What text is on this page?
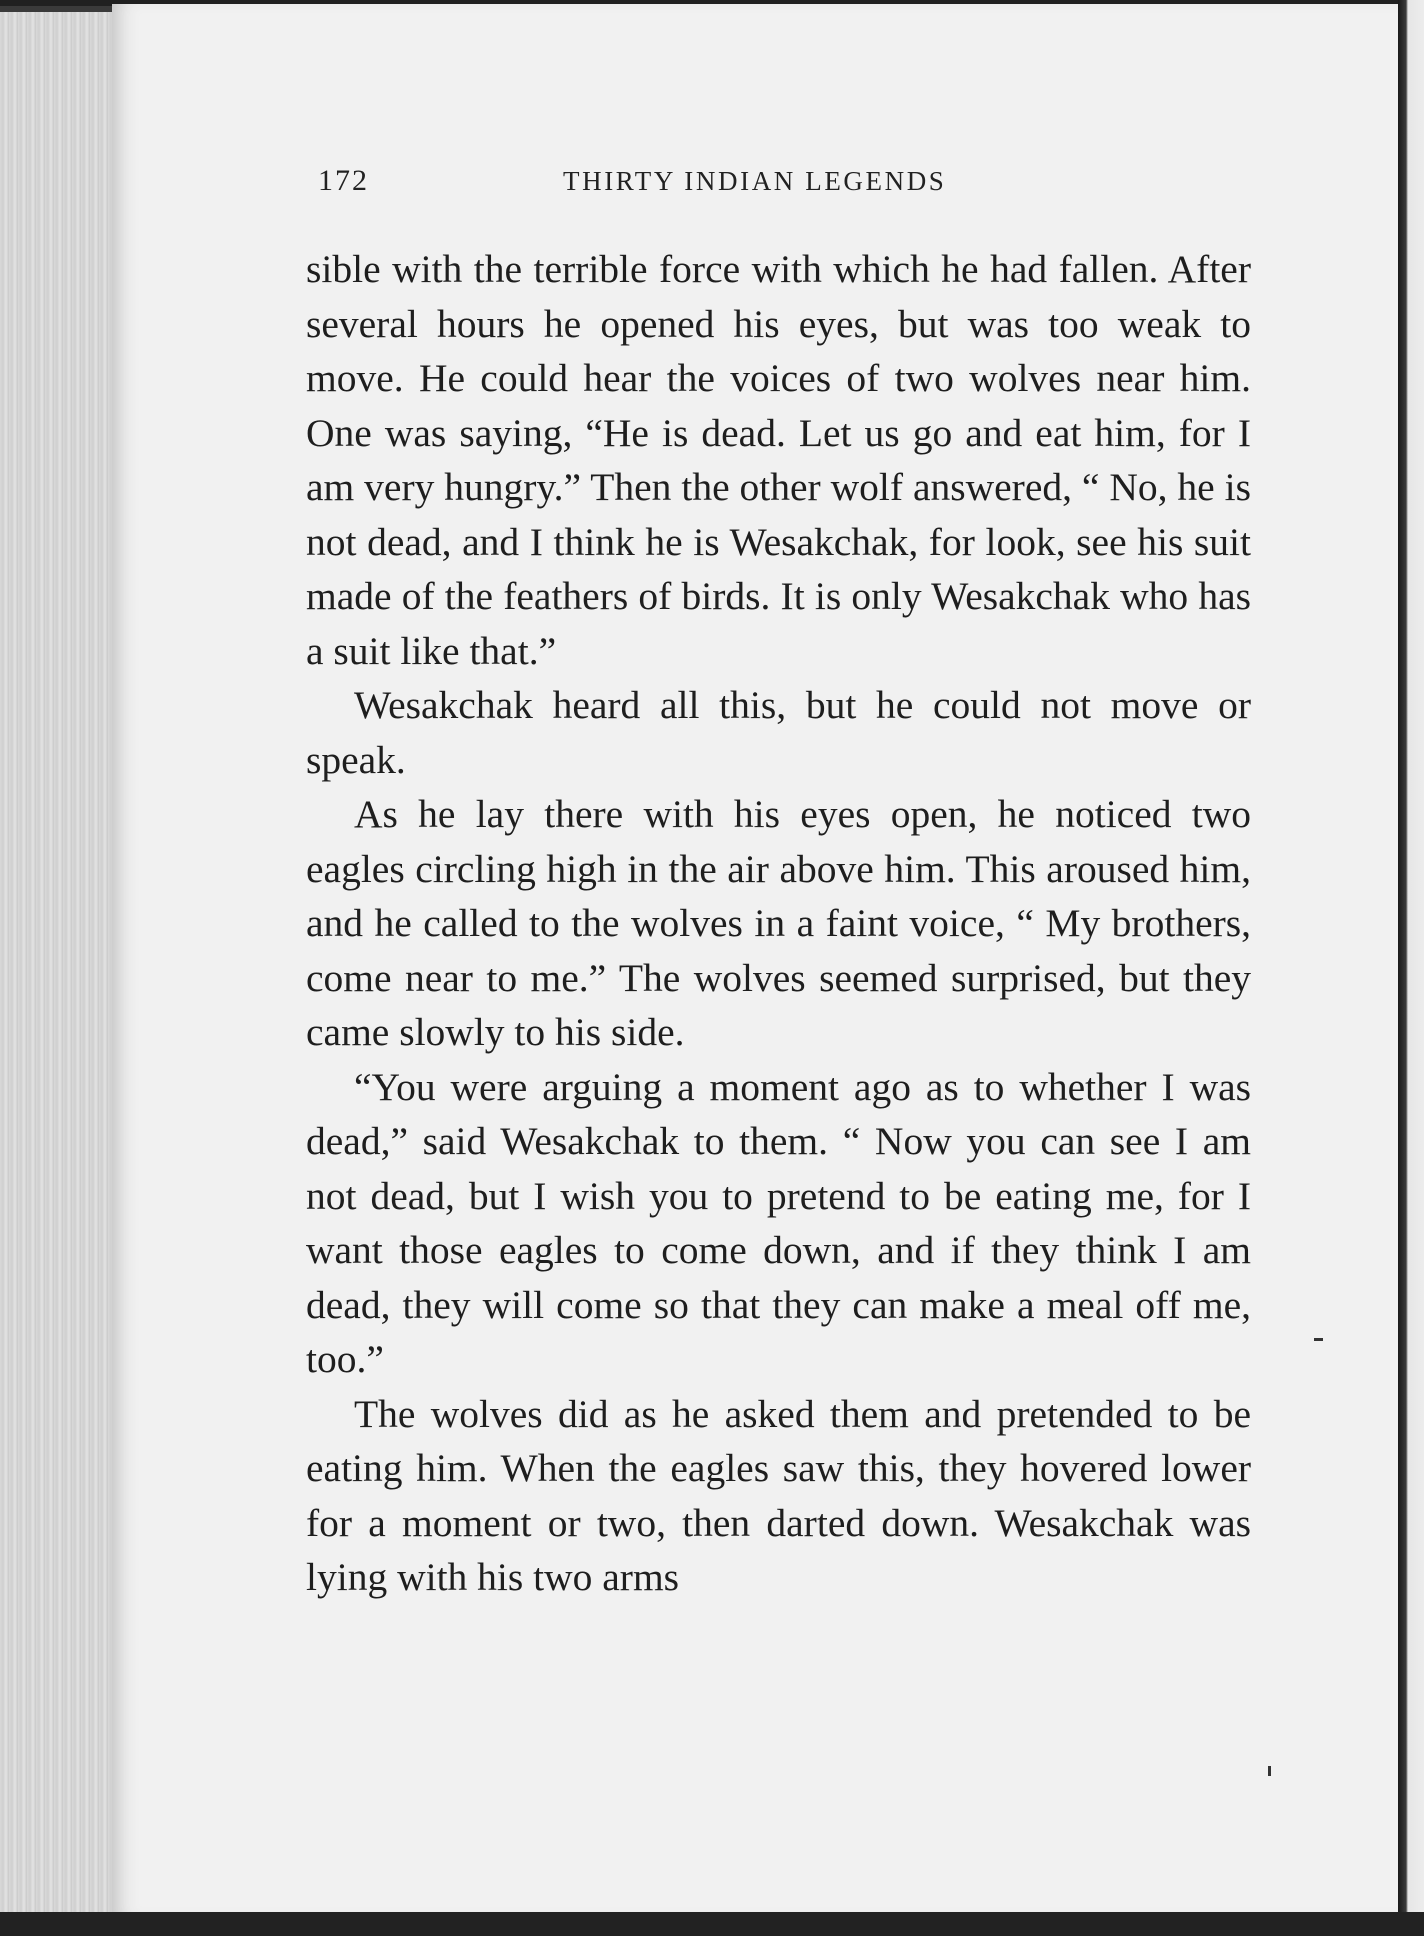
172	THIRTY INDIAN LEGENDS

sible with the terrible force with which he had fallen. After several hours he opened his eyes, but was too weak to move. He could hear the voices of two wolves near him. One was saying, “He is dead. Let us go and eat him, for I am very hungry.” Then the other wolf answered, “ No, he is not dead, and I think he is Wesakchak, for look, see his suit made of the feathers of birds. It is only Wesakchak who has a suit like that.”

Wesakchak heard all this, but he could not move or speak.

As he lay there with his eyes open, he noticed two eagles circling high in the air above him. This aroused him, and he called to the wolves in a faint voice, “ My brothers, come near to me.” The wolves seemed surprised, but they came slowly to his side.

“You were arguing a moment ago as to whether I was dead,” said Wesakchak to them. “ Now you can see I am not dead, but I wish you to pretend to be eating me, for I want those eagles to come down, and if they think I am dead, they will come so that they can make a meal off me, too.”

The wolves did as he asked them and pretended to be eating him. When the eagles saw this, they hovered lower for a moment or two, then darted down. Wesakchak was lying with his two arms
